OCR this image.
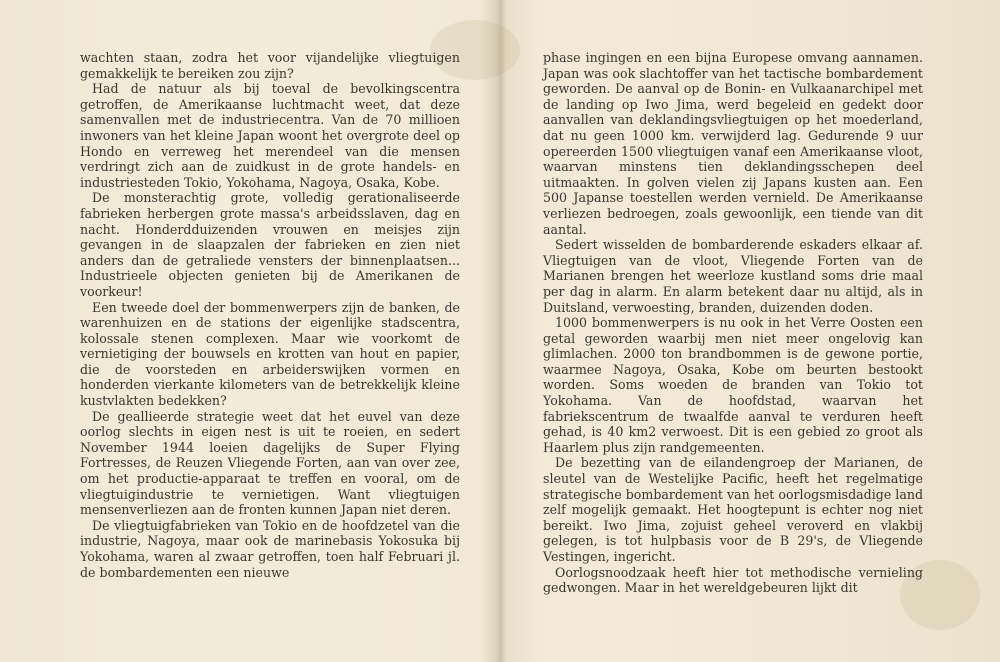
wachten staan, zodra het voor vijandelijke vliegtuigen gemakkelijk te bereiken zou zijn?

Had de natuur als bij toeval de bevolkingscentra getroffen, de Amerikaanse luchtmacht weet, dat deze samenvallen met de industriecentra. Van de 70 millioen inwoners van het kleine Japan woont het overgrote deel op Hondo en verreweg het merendeel van die mensen verdringt zich aan de zuidkust in de grote handels- en industriesteden Tokio, Yokohama, Nagoya, Osaka, Kobe.

De monsterachtig grote, volledig gerationaliseerde fabrieken herbergen grote massa's arbeidsslaven, dag en nacht. Honderdduizenden vrouwen en meisjes zijn gevangen in de slaapzalen der fabrieken en zien niet anders dan de getraliede vensters der binnenplaatsen... Industrieele objecten genieten bij de Amerikanen de voorkeur!

Een tweede doel der bommenwerpers zijn de banken, de warenhuizen en de stations der eigenlijke stadscentra, kolossale stenen complexen. Maar wie voorkomt de vernietiging der bouwsels en krotten van hout en papier, die de voorsteden en arbeiderswijken vormen en honderden vierkante kilometers van de betrekkelijk kleine kustvlakten bedekken?

De geallieerde strategie weet dat het euvel van deze oorlog slechts in eigen nest is uit te roeien, en sedert November 1944 loeien dagelijks de Super Flying Fortresses, de Reuzen Vliegende Forten, aan van over zee, om het productie-apparaat te treffen en vooral, om de vliegtuigindustrie te vernietigen. Want vliegtuigen mensenverliezen aan de fronten kunnen Japan niet deren.

De vliegtuigfabrieken van Tokio en de hoofdzetel van die industrie, Nagoya, maar ook de marinebasis Yokosuka bij Yokohama, waren al zwaar getroffen, toen half Februari jl. de bombardementen een nieuwe

phase ingingen en een bijna Europese omvang aannamen. Japan was ook slachtoffer van het tactische bombardement geworden. De aanval op de Bonin- en Vulkaanarchipel met de landing op Iwo Jima, werd begeleid en gedekt door aanvallen van deklandingsvliegtuigen op het moederland, dat nu geen 1000 km. verwijderd lag. Gedurende 9 uur opereerden 1500 vliegtuigen vanaf een Amerikaanse vloot, waarvan minstens tien deklandingsschepen deel uitmaakten. In golven vielen zij Japans kusten aan. Een 500 Japanse toestellen werden vernield. De Amerikaanse verliezen bedroegen, zoals gewoonlijk, een tiende van dit aantal.

Sedert wisselden de bombarderende eskaders elkaar af. Vliegtuigen van de vloot, Vliegende Forten van de Marianen brengen het weerloze kustland soms drie maal per dag in alarm. En alarm betekent daar nu altijd, als in Duitsland, verwoesting, branden, duizenden doden.

1000 bommenwerpers is nu ook in het Verre Oosten een getal geworden waarbij men niet meer ongelovig kan glimlachen. 2000 ton brandbommen is de gewone portie, waarmee Nagoya, Osaka, Kobe om beurten bestookt worden. Soms woeden de branden van Tokio tot Yokohama. Van de hoofdstad, waarvan het fabriekscentrum de twaalfde aanval te verduren heeft gehad, is 40 km2 verwoest. Dit is een gebied zo groot als Haarlem plus zijn randgemeenten.

De bezetting van de eilandengroep der Marianen, de sleutel van de Westelijke Pacific, heeft het regelmatige strategische bombardement van het oorlogsmisdadige land zelf mogelijk gemaakt. Het hoogtepunt is echter nog niet bereikt. Iwo Jima, zojuist geheel veroverd en vlakbij gelegen, is tot hulpbasis voor de B 29's, de Vliegende Vestingen, ingericht.

Oorlogsnoodzaak heeft hier tot methodische vernieling gedwongen. Maar in het wereldgebeuren lijkt dit
